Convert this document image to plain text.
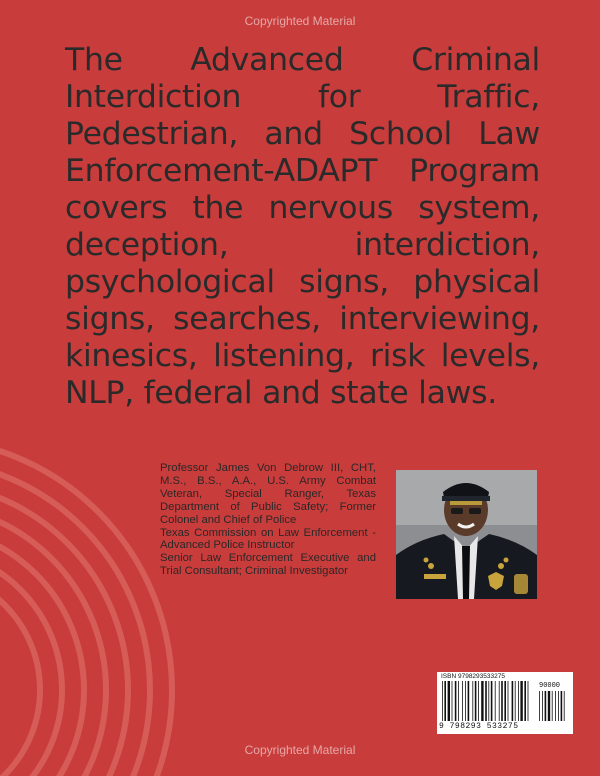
Copyrighted Material

The Advanced Criminal Interdiction for Traffic, Pedestrian, and School Law Enforcement-ADAPT Program covers the nervous system, deception, interdiction, psychological signs, physical signs, searches, interviewing, kinesics, listening, risk levels, NLP, federal and state laws.

Professor James Von Debrow III, CHT, M.S., B.S., A.A., U.S. Army Combat Veteran, Special Ranger, Texas Department of Public Safety; Former Colonel and Chief of Police
Texas Commission on Law Enforcement - Advanced Police Instructor
Senior Law Enforcement Executive and Trial Consultant; Criminal Investigator
ISBN 9798293533275
90000
9 798293 533275
Copyrighted Material
